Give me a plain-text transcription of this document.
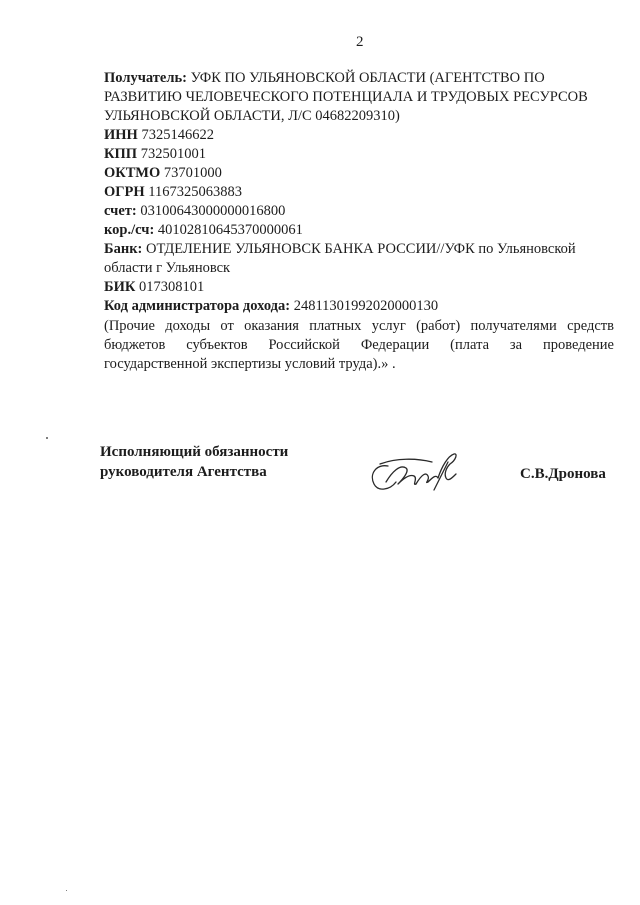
2
Получатель: УФК ПО УЛЬЯНОВСКОЙ ОБЛАСТИ (АГЕНТСТВО ПО
РАЗВИТИЮ ЧЕЛОВЕЧЕСКОГО ПОТЕНЦИАЛА И ТРУДОВЫХ РЕСУРСОВ
УЛЬЯНОВСКОЙ ОБЛАСТИ, Л/С 04682209310)
ИНН 7325146622
КПП 732501001
ОКТМО 73701000
ОГРН 1167325063883
счет: 03100643000000016800
кор./сч: 40102810645370000061
Банк: ОТДЕЛЕНИЕ УЛЬЯНОВСК БАНКА РОССИИ//УФК по Ульяновской
области г Ульяновск
БИК 017308101
Код администратора дохода: 24811301992020000130
(Прочие доходы от оказания платных услуг (работ) получателями средств
бюджетов субъектов Российской Федерации (плата за проведение
государственной экспертизы условий труда).» .
Исполняющий обязанности
руководителя Агентства	С.В.Дронова
